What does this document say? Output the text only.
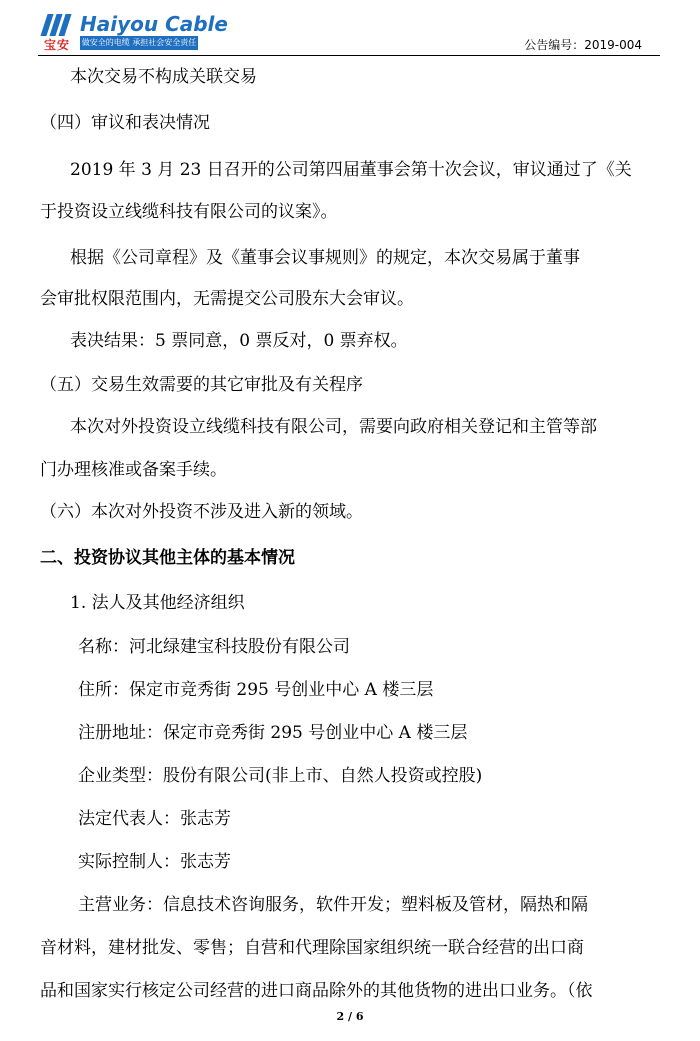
宝安
Haiyou Cable
做安全的电缆 承担社会安全责任	公告编号：2019-004
本次交易不构成关联交易
（四）审议和表决情况
2019 年 3 月 23 日召开的公司第四届董事会第十次会议，审议通过了《关
于投资设立线缆科技有限公司的议案》。
根据《公司章程》及《董事会议事规则》的规定，本次交易属于董事
会审批权限范围内，无需提交公司股东大会审议。
表决结果：5 票同意，0 票反对，0 票弃权。
（五）交易生效需要的其它审批及有关程序
本次对外投资设立线缆科技有限公司，需要向政府相关登记和主管等部
门办理核准或备案手续。
（六）本次对外投资不涉及进入新的领域。
二、投资协议其他主体的基本情况
1. 法人及其他经济组织
名称：河北绿建宝科技股份有限公司
住所：保定市竞秀街 295 号创业中心 A 楼三层
注册地址：保定市竞秀街 295 号创业中心 A 楼三层
企业类型：股份有限公司(非上市、自然人投资或控股)
法定代表人：张志芳
实际控制人：张志芳
主营业务：信息技术咨询服务，软件开发；塑料板及管材，隔热和隔
音材料，建材批发、零售；自营和代理除国家组织统一联合经营的出口商
品和国家实行核定公司经营的进口商品除外的其他货物的进出口业务。（依
2 / 6
